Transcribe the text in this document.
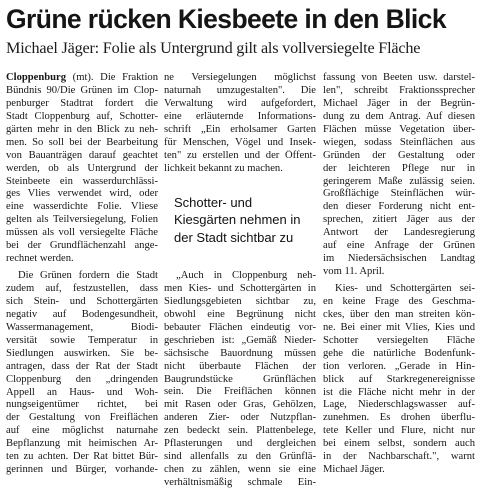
Grüne rücken Kiesbeete in den Blick
Michael Jäger: Folie als Untergrund gilt als vollversiegelte Fläche
Cloppenburg (mt). Die Fraktion
Bündnis 90/Die Grünen im Clop-
penburger Stadtrat fordert die
Stadt Cloppenburg auf, Schotter-
gärten mehr in den Blick zu neh-
men. So soll bei der Bearbeitung
von Bauanträgen darauf geachtet
werden, ob als Untergrund der
Steinbeete ein wasserdurchlässi-
ges Vlies verwendet wird, oder
eine wasserdichte Folie. Vliese
gelten als Teilversiegelung, Folien
müssen als voll versiegelte Fläche
bei der Grundflächenzahl ange-
rechnet werden.
Die Grünen fordern die Stadt
zudem auf, festzustellen, dass
sich Stein- und Schottergärten
negativ auf Bodengesundheit,
Wassermanagement, Biodi-
versität sowie Temperatur in
Siedlungen auswirken. Sie be-
antragen, dass der Rat der Stadt
Cloppenburg den „dringenden
Appell an Haus- und Woh-
nungseigentümer richtet, bei
der Gestaltung von Freiflächen
auf eine möglichst naturnahe
Bepflanzung mit heimischen Ar-
ten zu achten. Der Rat bittet Bür-
gerinnen und Bürger, vorhande-
ne Versiegelungen möglichst
naturnah umzugestalten". Die
Verwaltung wird aufgefordert,
eine erläuternde Informations-
schrift „Ein erholsamer Garten
für Menschen, Vögel und Insek-
ten" zu erstellen und der Öffent-
lichkeit bekannt zu machen.
Schotter- und
Kiesgärten nehmen in
der Stadt sichtbar zu
„Auch in Cloppenburg neh-
men Kies- und Schottergärten in
Siedlungsgebieten sichtbar zu,
obwohl eine Begrünung nicht
bebauter Flächen eindeutig vor-
geschrieben ist: „Gemäß Nieder-
sächsische Bauordnung müssen
nicht überbaute Flächen der
Baugrundstücke Grünflächen
sein. Die Freiflächen können
mit Rasen oder Gras, Gehölzen,
anderen Zier- oder Nutzpflan-
zen bedeckt sein. Plattenbelege,
Pflasterungen und dergleichen
sind allenfalls zu den Grünflä-
chen zu zählen, wenn sie eine
verhältnismäßig schmale Ein-
fassung von Beeten usw. darstel-
len", schreibt Fraktionssprecher
Michael Jäger in der Begrün-
dung zu dem Antrag. Auf diesen
Flächen müsse Vegetation über-
wiegen, sodass Steinflächen aus
Gründen der Gestaltung oder
der leichteren Pflege nur in
geringerem Maße zulässig seien.
Großflächige Steinflächen wür-
den dieser Forderung nicht ent-
sprechen, zitiert Jäger aus der
Antwort der Landesregierung
auf eine Anfrage der Grünen
im Niedersächsischen Landtag
vom 11. April.
Kies- und Schottergärten sei-
en keine Frage des Geschma-
ckes, über den man streiten kön-
ne. Bei einer mit Vlies, Kies und
Schotter versiegelten Fläche
gehe die natürliche Bodenfunk-
tion verloren. „Gerade in Hin-
blick auf Starkregenereignisse
ist die Fläche nicht mehr in der
Lage, Niederschlagswasser auf-
zunehmen. Es drohen überflu-
tete Keller und Flure, nicht nur
bei einem selbst, sondern auch
in der Nachbarschaft.", warnt
Michael Jäger.
